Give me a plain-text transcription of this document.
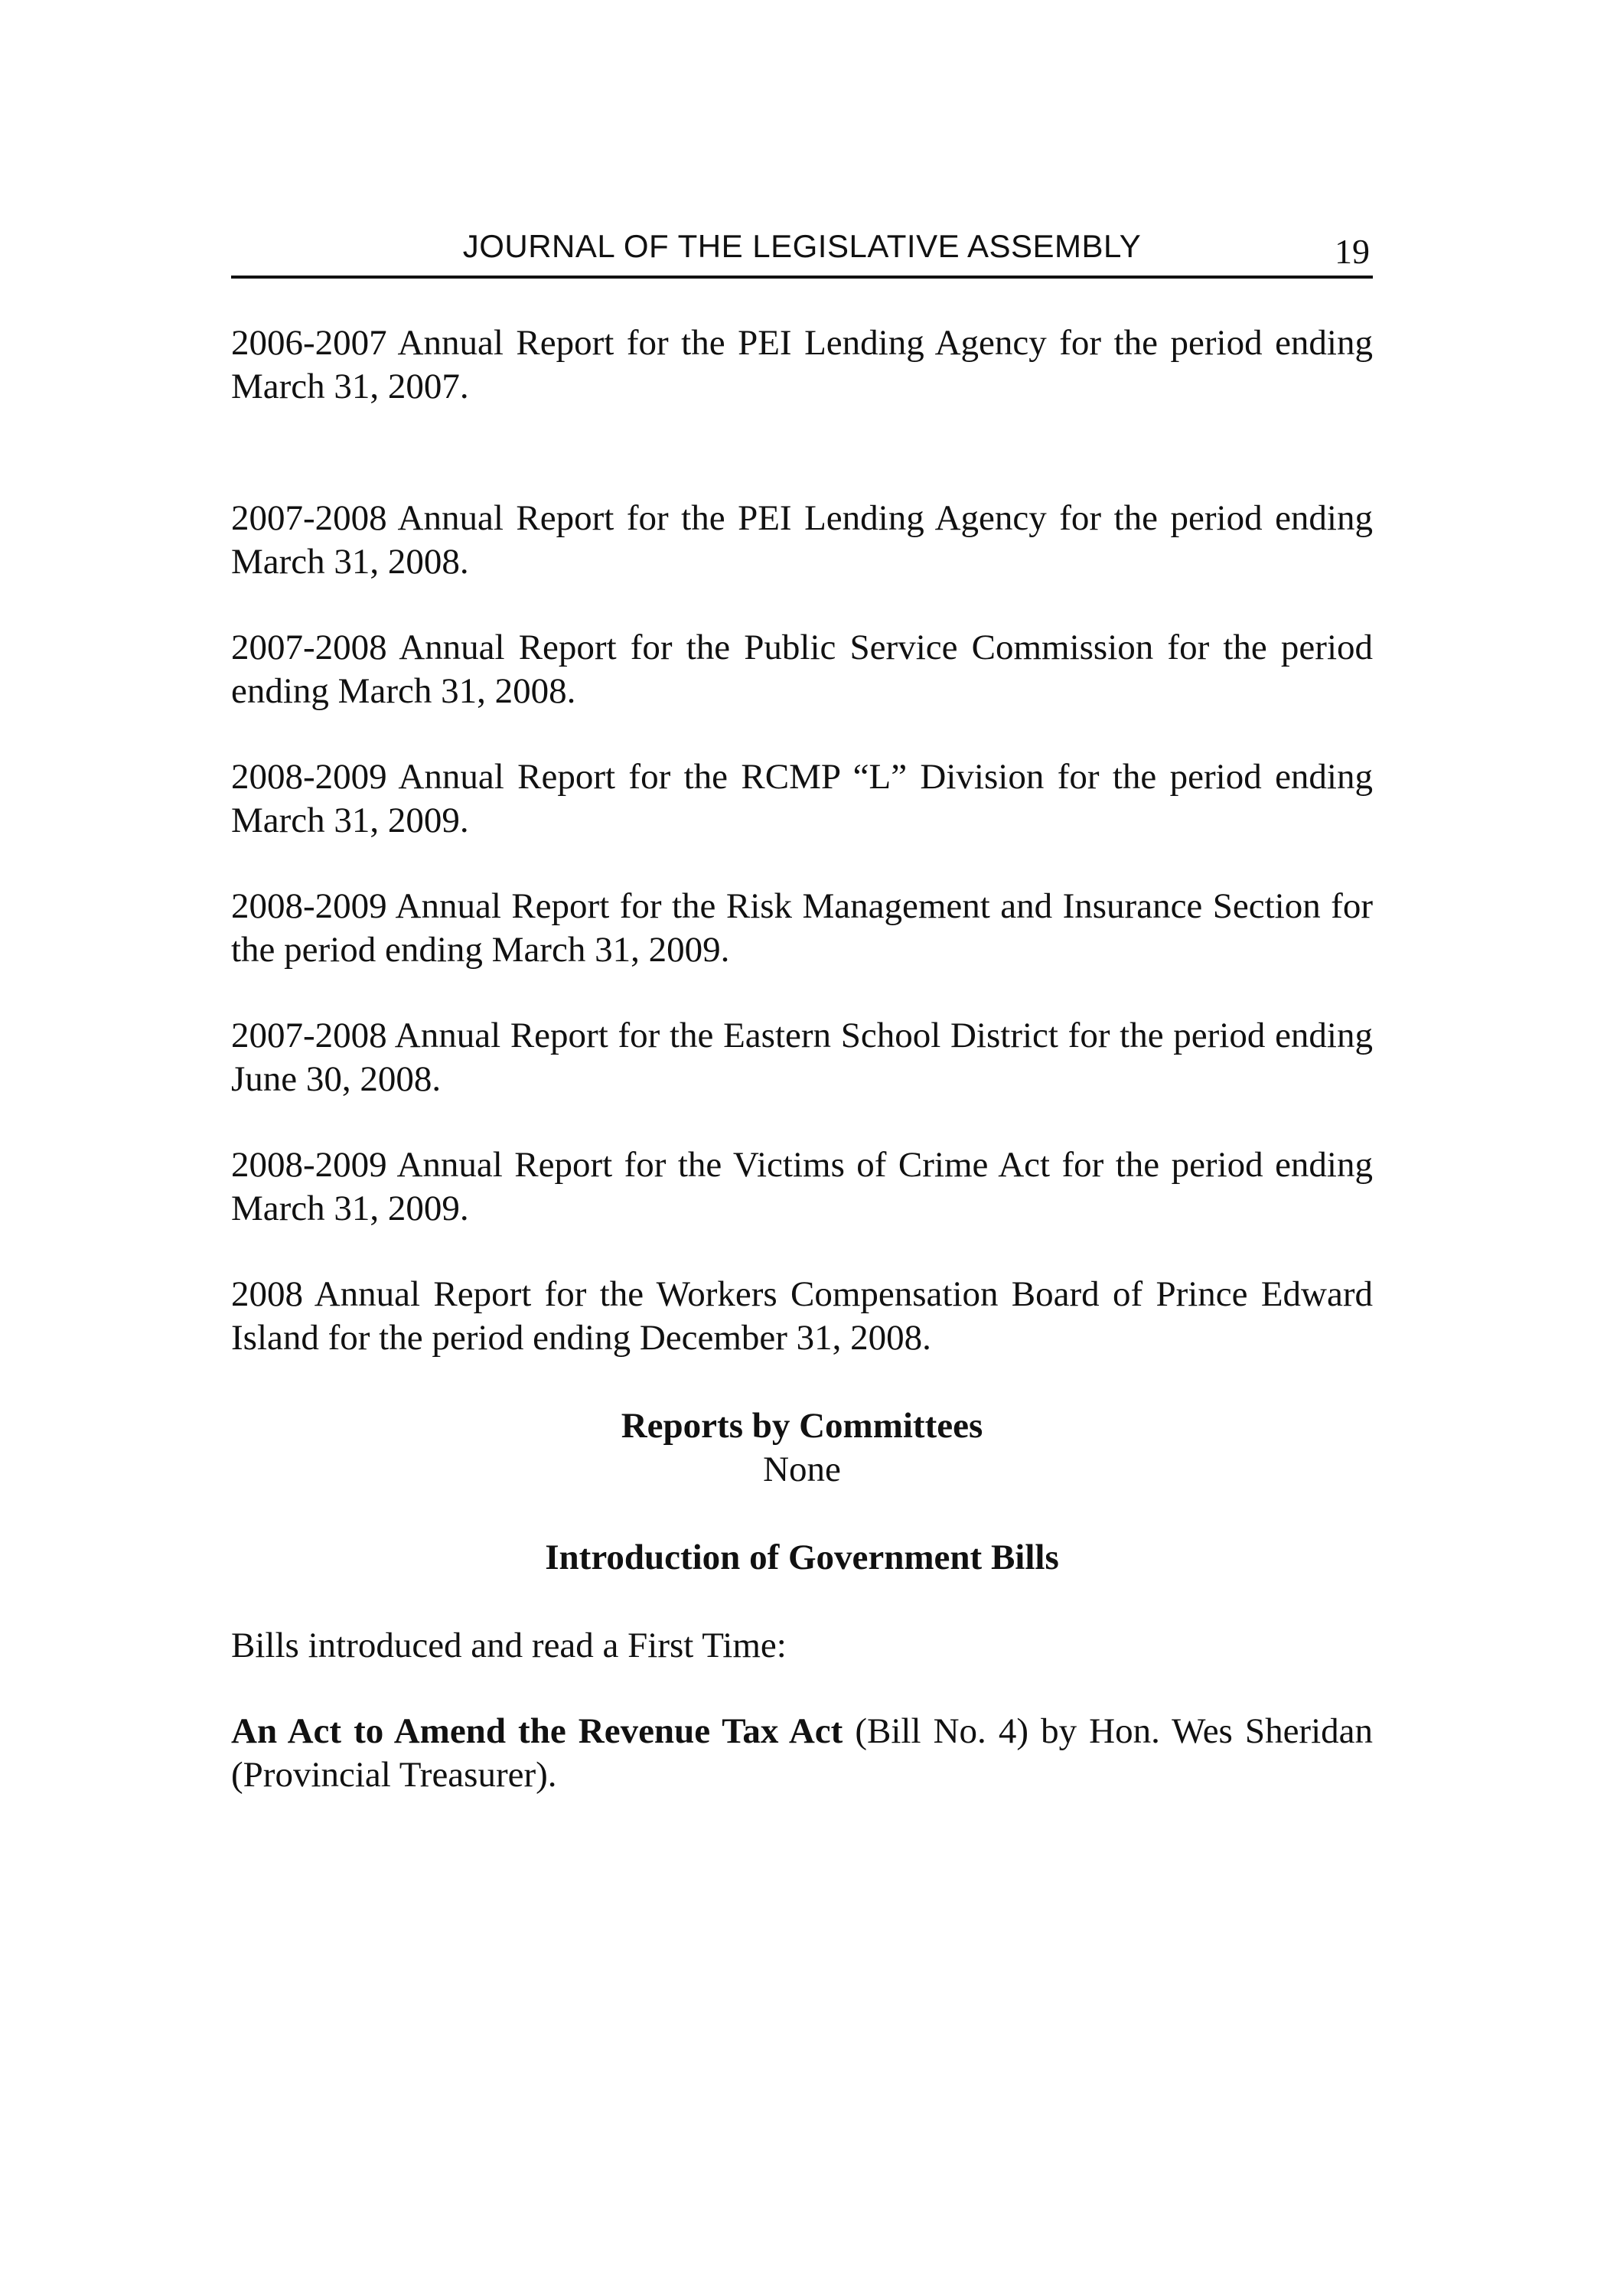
JOURNAL OF THE LEGISLATIVE ASSEMBLY	19

2006-2007 Annual Report for the PEI Lending Agency for the period ending March 31, 2007.

2007-2008 Annual Report for the PEI Lending Agency for the period ending March 31, 2008.

2007-2008 Annual Report for the Public Service Commission for the period ending March 31, 2008.

2008-2009 Annual Report for the RCMP “L” Division for the period ending March 31, 2009.

2008-2009 Annual Report for the Risk Management and Insurance Section for the period ending March 31, 2009.

2007-2008 Annual Report for the Eastern School District for the period ending June 30, 2008.

2008-2009 Annual Report for the Victims of Crime Act for the period ending March 31, 2009.

2008 Annual Report for the Workers Compensation Board of Prince Edward Island for the period ending December 31, 2008.

Reports by Committees

None

Introduction of Government Bills

Bills introduced and read a First Time:

An Act to Amend the Revenue Tax Act (Bill No. 4) by Hon. Wes Sheridan (Provincial Treasurer).
